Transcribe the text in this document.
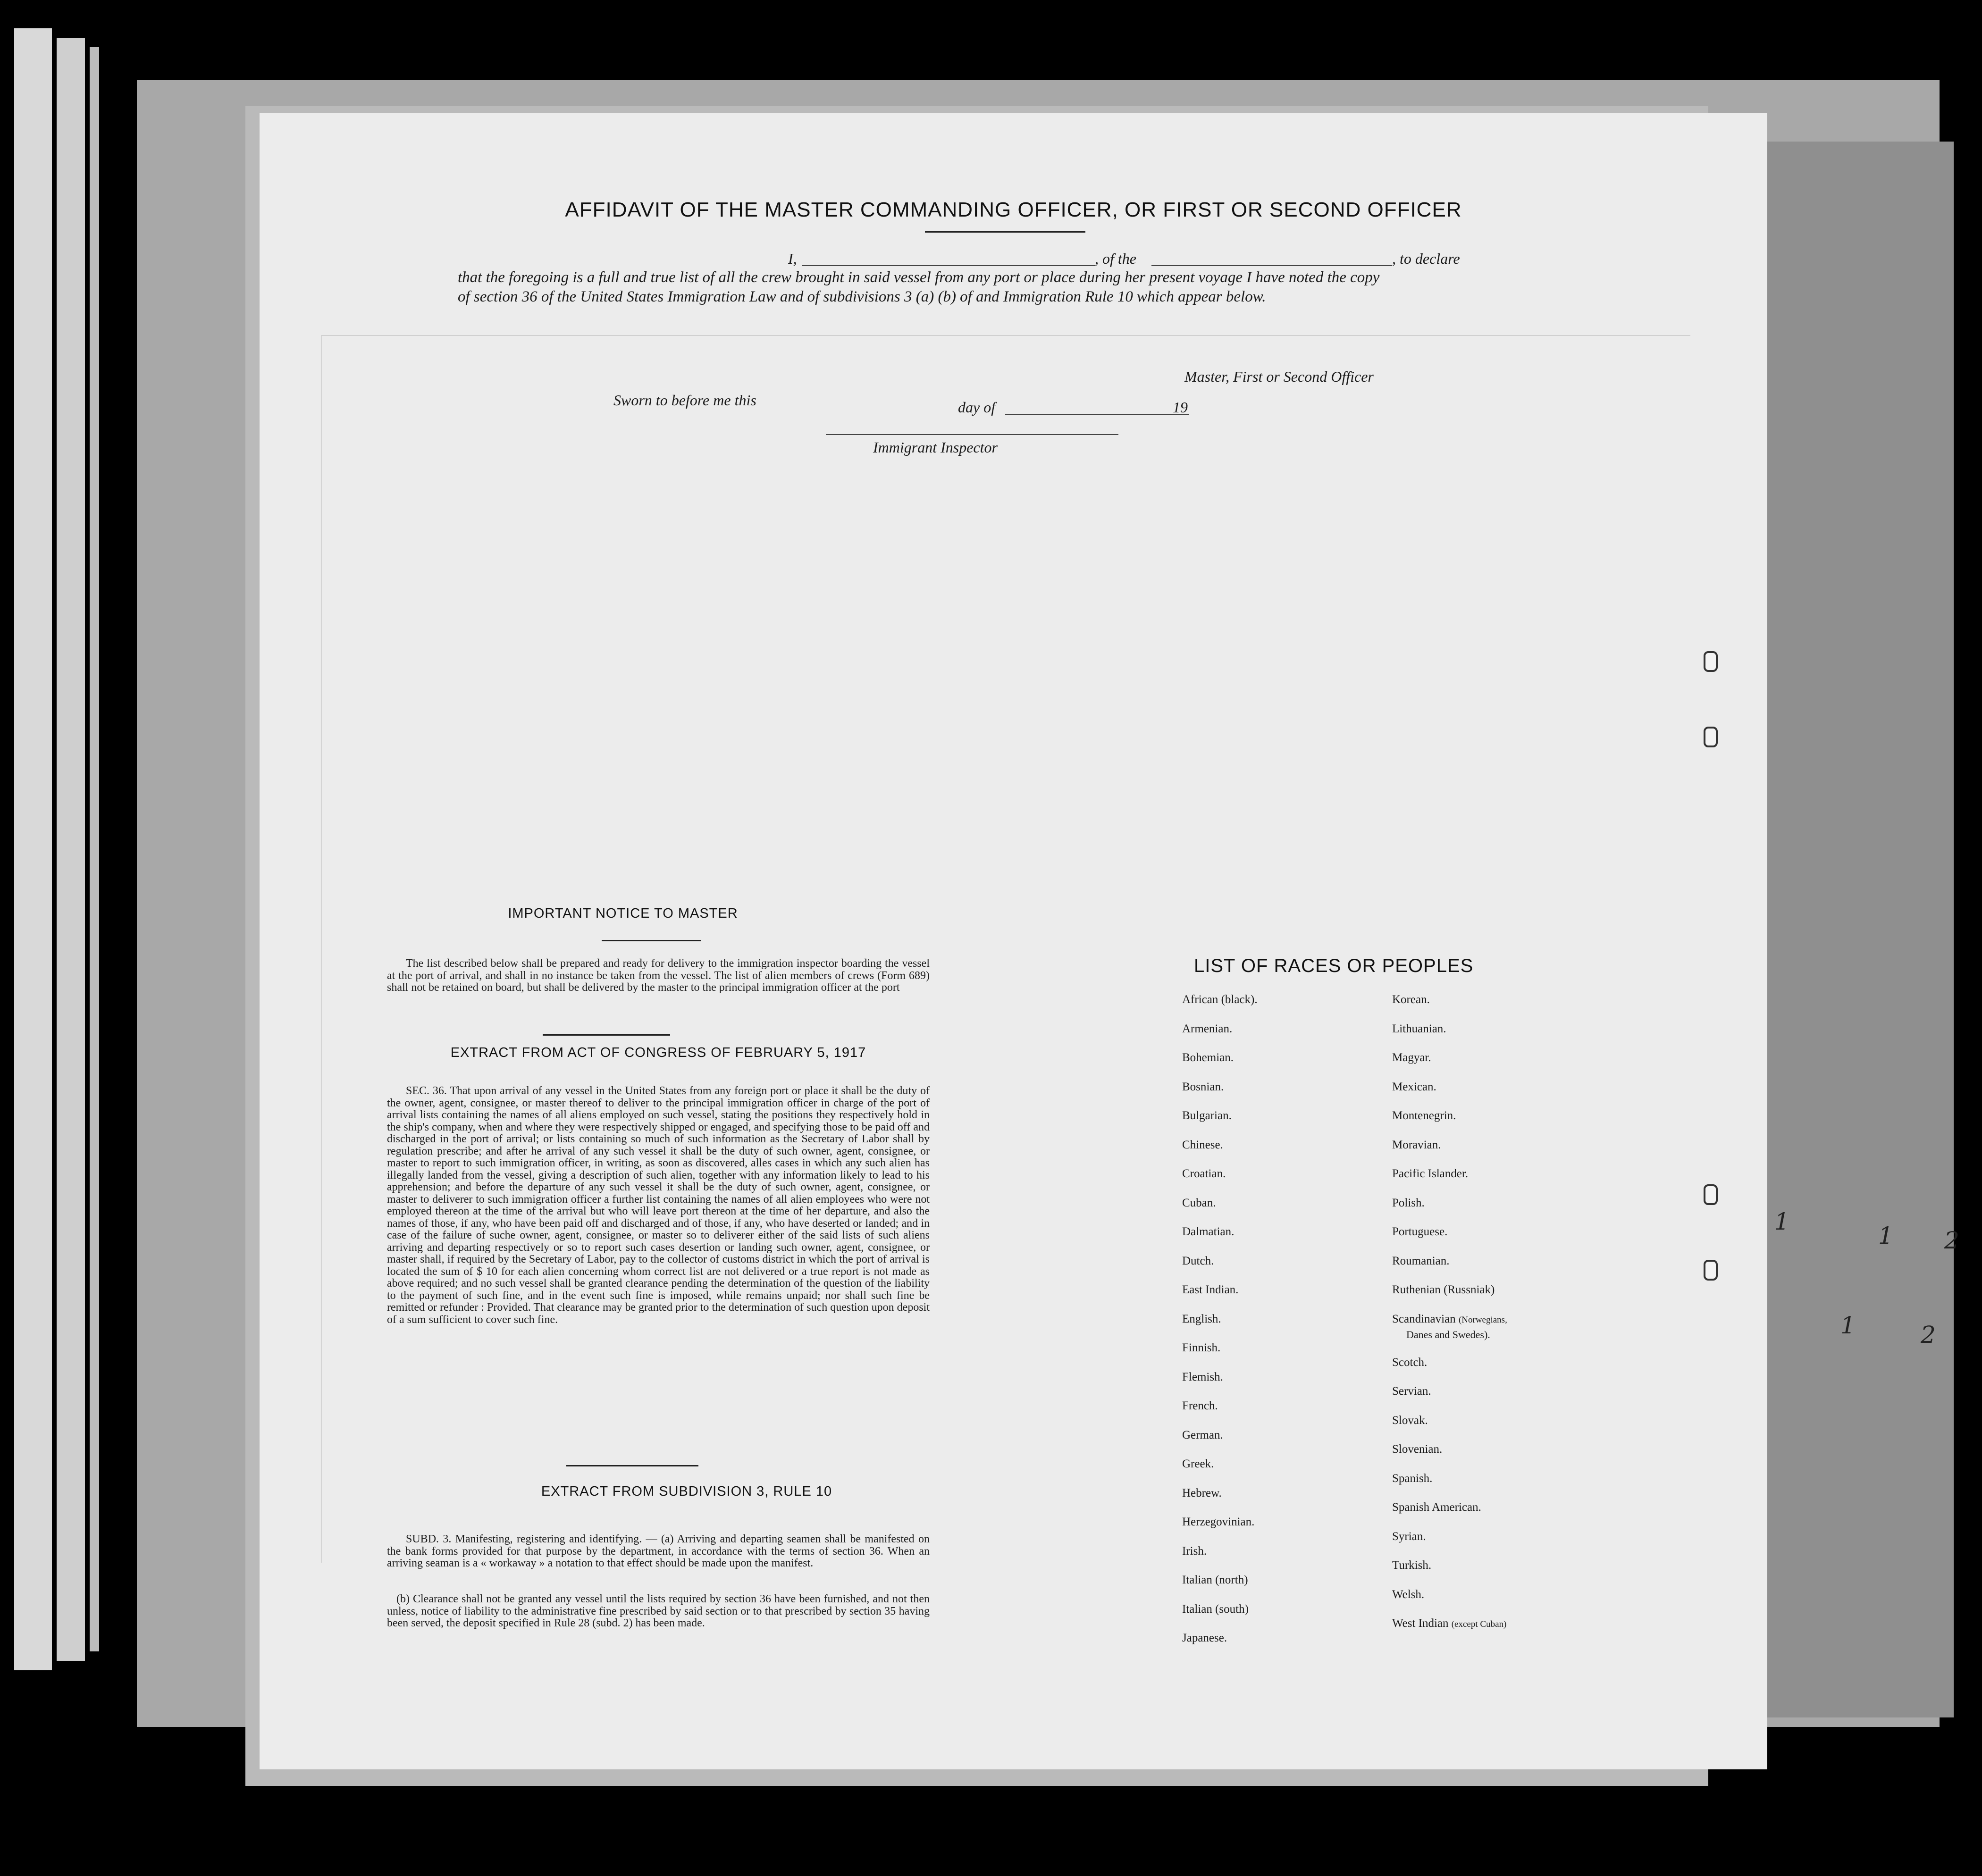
AFFIDAVIT OF THE MASTER COMMANDING OFFICER, OR FIRST OR SECOND OFFICER
I,	, of the	, to declare
that the foregoing is a full and true list of all the crew brought in said vessel from any port or place during her present voyage I have noted the copy of section 36 of the United States Immigration Law and of subdivisions 3 (a) (b) of and Immigration Rule 10 which appear below.
Master, First or Second Officer
Sworn to before me this	day of	19
Immigrant Inspector
IMPORTANT NOTICE TO MASTER
The list described below shall be prepared and ready for delivery to the immigration inspector boarding the vessel at the port of arrival, and shall in no instance be taken from the vessel. The list of alien members of crews (Form 689) shall not be retained on board, but shall be delivered by the master to the principal immigration officer at the port
EXTRACT FROM ACT OF CONGRESS OF FEBRUARY 5, 1917
SEC. 36. That upon arrival of any vessel in the United States from any foreign port or place it shall be the duty of the owner, agent, consignee, or master thereof to deliver to the principal immigration officer in charge of the port of arrival lists containing the names of all aliens employed on such vessel, stating the positions they respectively hold in the ship's company, when and where they were respectively shipped or engaged, and specifying those to be paid off and discharged in the port of arrival; or lists containing so much of such information as the Secretary of Labor shall by regulation prescribe; and after he arrival of any such vessel it shall be the duty of such owner, agent, consignee, or master to report to such immigration officer, in writing, as soon as discovered, alles cases in which any such alien has illegally landed from the vessel, giving a description of such alien, together with any information likely to lead to his apprehension; and before the departure of any such vessel it shall be the duty of such owner, agent, consignee, or master to deliverer to such immigration officer a further list containing the names of all alien employees who were not employed thereon at the time of the arrival but who will leave port thereon at the time of her departure, and also the names of those, if any, who have been paid off and discharged and of those, if any, who have deserted or landed; and in case of the failure of suche owner, agent, consignee, or master so to deliverer either of the said lists of such aliens arriving and departing respectively or so to report such cases desertion or landing such owner, agent, consignee, or master shall, if required by the Secretary of Labor, pay to the collector of customs district in which the port of arrival is located the sum of $ 10 for each alien concerning whom correct list are not delivered or a true report is not made as above required; and no such vessel shall be granted clearance pending the determination of the question of the liability to the payment of such fine, and in the event such fine is imposed, while remains unpaid; nor shall such fine be remitted or refunder : Provided. That clearance may be granted prior to the determination of such question upon deposit of a sum sufficient to cover such fine.
EXTRACT FROM SUBDIVISION 3, RULE 10
SUBD. 3. Manifesting, registering and identifying. — (a) Arriving and departing seamen shall be manifested on the bank forms provided for that purpose by the department, in accordance with the terms of section 36. When an arriving seaman is a « workaway » a notation to that effect should be made upon the manifest.
(b) Clearance shall not be granted any vessel until the lists required by section 36 have been furnished, and not then unless, notice of liability to the administrative fine prescribed by said section or to that prescribed by section 35 having been served, the deposit specified in Rule 28 (subd. 2) has been made.
LIST OF RACES OR PEOPLES
African (black).
Armenian.
Bohemian.
Bosnian.
Bulgarian.
Chinese.
Croatian.
Cuban.
Dalmatian.
Dutch.
East Indian.
English.
Finnish.
Flemish.
French.
German.
Greek.
Hebrew.
Herzegovinian.
Irish.
Italian (north)
Italian (south)
Japanese.
Korean.
Lithuanian.
Magyar.
Mexican.
Montenegrin.
Moravian.
Pacific Islander.
Polish.
Portuguese.
Roumanian.
Ruthenian (Russniak)
Scandinavian (Norwegians,
Danes and Swedes).
Scotch.
Servian.
Slovak.
Slovenian.
Spanish.
Spanish American.
Syrian.
Turkish.
Welsh.
West Indian (except Cuban)
1
1 2
1	2
